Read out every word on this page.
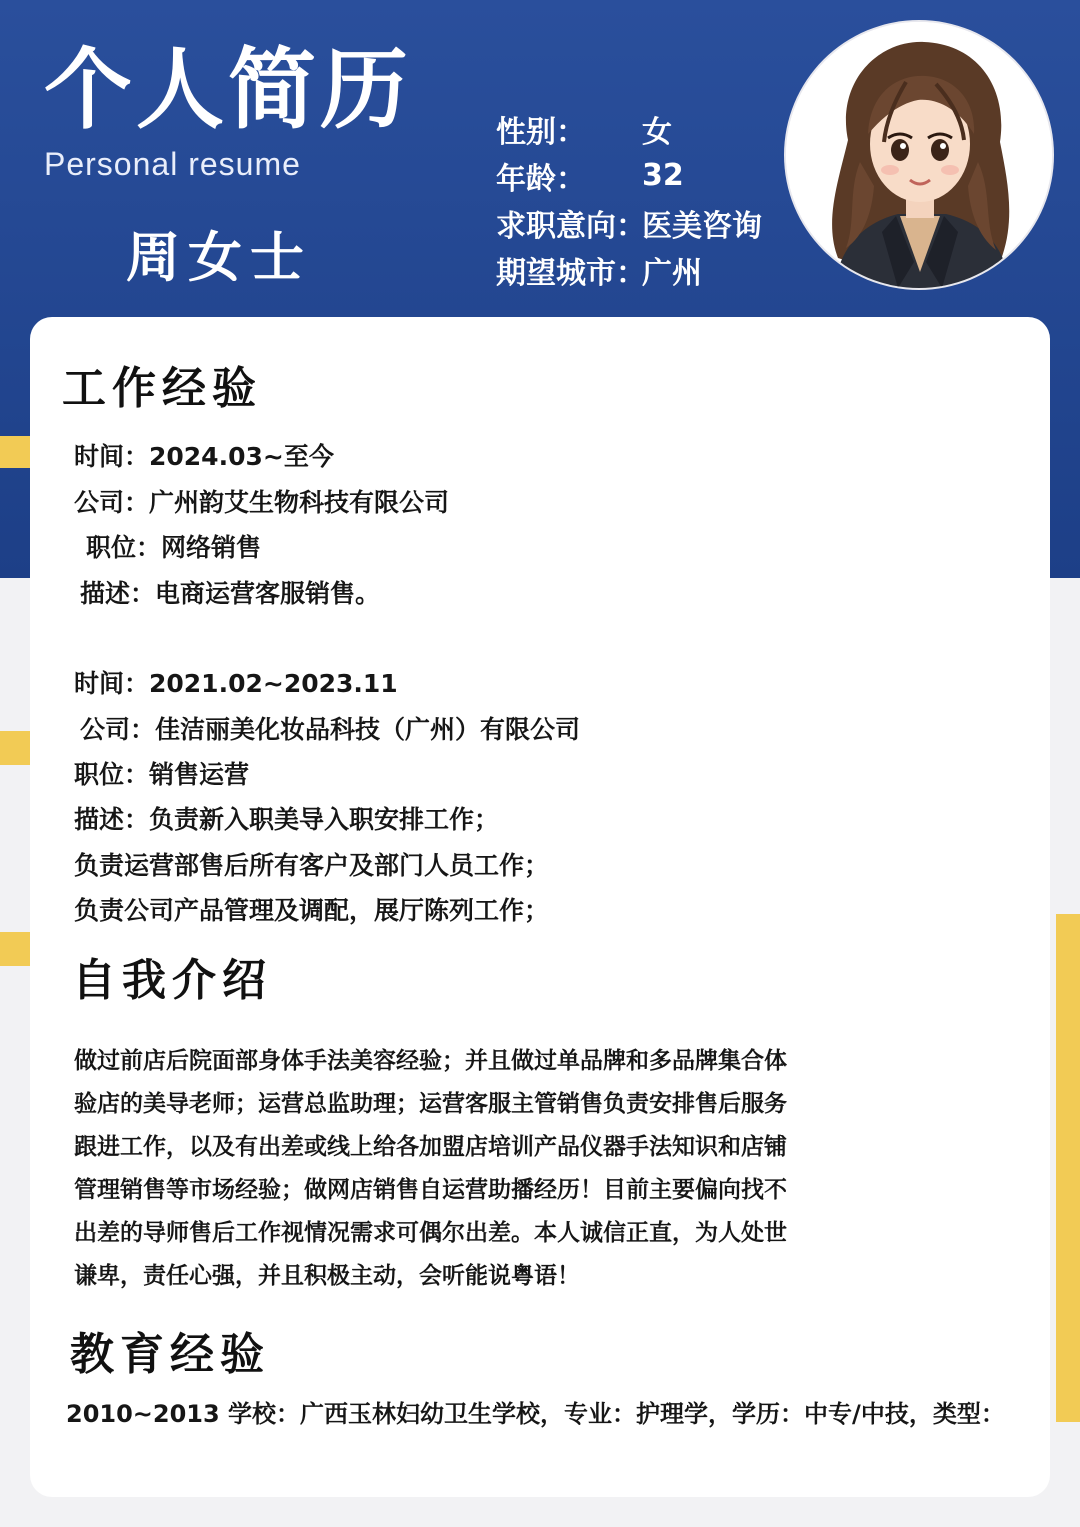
个人简历
Personal resume
周女士
性别：	女
年龄：	32
求职意向：
医美咨询
期望城市：
广州
工作经验
时间：2024.03~至今
公司：广州韵艾生物科技有限公司
职位：网络销售
描述：电商运营客服销售。
时间：2021.02~2023.11
公司：佳洁丽美化妆品科技（广州）有限公司
职位：销售运营
描述：负责新入职美导入职安排工作；
负责运营部售后所有客户及部门人员工作；
负责公司产品管理及调配，展厅陈列工作；
自我介绍
做过前店后院面部身体手法美容经验；并且做过单品牌和多品牌集合体
验店的美导老师；运营总监助理；运营客服主管销售负责安排售后服务
跟进工作，以及有出差或线上给各加盟店培训产品仪器手法知识和店铺
管理销售等市场经验；做网店销售自运营助播经历！目前主要偏向找不
出差的导师售后工作视情况需求可偶尔出差。本人诚信正直，为人处世
谦卑，责任心强，并且积极主动，会听能说粤语！
教育经验
2010~2013 学校：广西玉林妇幼卫生学校，专业：护理学，学历：中专/中技，类型：
